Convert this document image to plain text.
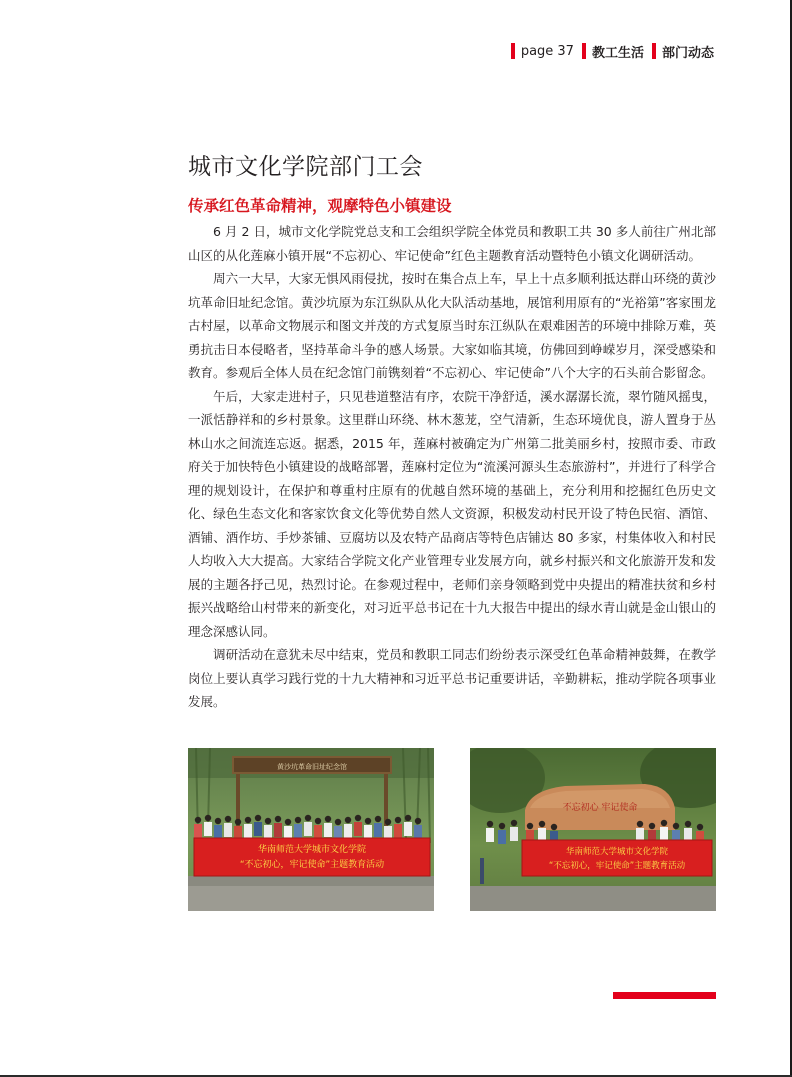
page 37 教工生活 部门动态
城市文化学院部门工会
传承红色革命精神，观摩特色小镇建设

6 月 2 日，城市文化学院党总支和工会组织学院全体党员和教职工共 30 多人前往广州北部山区的从化莲麻小镇开展“不忘初心、牢记使命”红色主题教育活动暨特色小镇文化调研活动。

周六一大早，大家无惧风雨侵扰，按时在集合点上车，早上十点多顺利抵达群山环绕的黄沙坑革命旧址纪念馆。黄沙坑原为东江纵队从化大队活动基地，展馆利用原有的“光裕第”客家围龙古村屋，以革命文物展示和图文并茂的方式复原当时东江纵队在艰难困苦的环境中排除万难，英勇抗击日本侵略者，坚持革命斗争的感人场景。大家如临其境，仿佛回到峥嵘岁月，深受感染和教育。参观后全体人员在纪念馆门前镌刻着“不忘初心、牢记使命”八个大字的石头前合影留念。

午后，大家走进村子，只见巷道整洁有序，农院干净舒适，溪水潺潺长流，翠竹随风摇曳，一派恬静祥和的乡村景象。这里群山环绕、林木葱茏，空气清新，生态环境优良，游人置身于丛林山水之间流连忘返。据悉，2015 年，莲麻村被确定为广州第二批美丽乡村，按照市委、市政府关于加快特色小镇建设的战略部署，莲麻村定位为“流溪河源头生态旅游村”，并进行了科学合理的规划设计，在保护和尊重村庄原有的优越自然环境的基础上，充分利用和挖掘红色历史文化、绿色生态文化和客家饮食文化等优势自然人文资源，积极发动村民开设了特色民宿、酒馆、酒铺、酒作坊、手炒茶铺、豆腐坊以及农特产品商店等特色店铺达 80 多家，村集体收入和村民人均收入大大提高。大家结合学院文化产业管理专业发展方向，就乡村振兴和文化旅游开发和发展的主题各抒己见，热烈讨论。在参观过程中，老师们亲身领略到党中央提出的精准扶贫和乡村振兴战略给山村带来的新变化，对习近平总书记在十九大报告中提出的绿水青山就是金山银山的理念深感认同。

调研活动在意犹未尽中结束，党员和教职工同志们纷纷表示深受红色革命精神鼓舞，在教学岗位上要认真学习践行党的十九大精神和习近平总书记重要讲话，辛勤耕耘，推动学院各项事业发展。

黄沙坑革命旧址纪念馆
华南师范大学城市文化学院
“不忘初心，牢记使命”主题教育活动
不忘初心 牢记使命
华南师范大学城市文化学院
“不忘初心，牢记使命”主题教育活动
